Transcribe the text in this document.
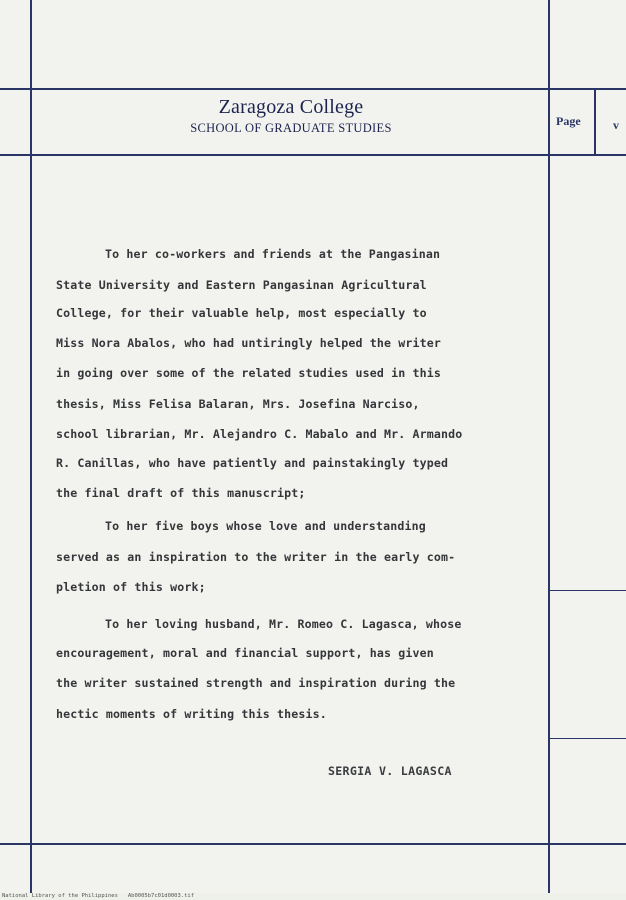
Zaragoza College
SCHOOL OF GRADUATE STUDIES	Page	v
To her co-workers and friends at the Pangasinan
State University and Eastern Pangasinan Agricultural
College, for their valuable help, most especially to
Miss Nora Abalos, who had untiringly helped the writer
in going over some of the related studies used in this
thesis, Miss Felisa Balaran, Mrs. Josefina Narciso,
school librarian, Mr. Alejandro C. Mabalo and Mr. Armando
R. Canillas, who have patiently and painstakingly typed
the final draft of this manuscript;
To her five boys whose love and understanding
served as an inspiration to the writer in the early com-
pletion of this work;
To her loving husband, Mr. Romeo C. Lagasca, whose
encouragement, moral and financial support, has given
the writer sustained strength and inspiration during the
hectic moments of writing this thesis.
SERGIA V. LAGASCA
National Library of the Philippines   Ab0005b7c01d0003.tif
